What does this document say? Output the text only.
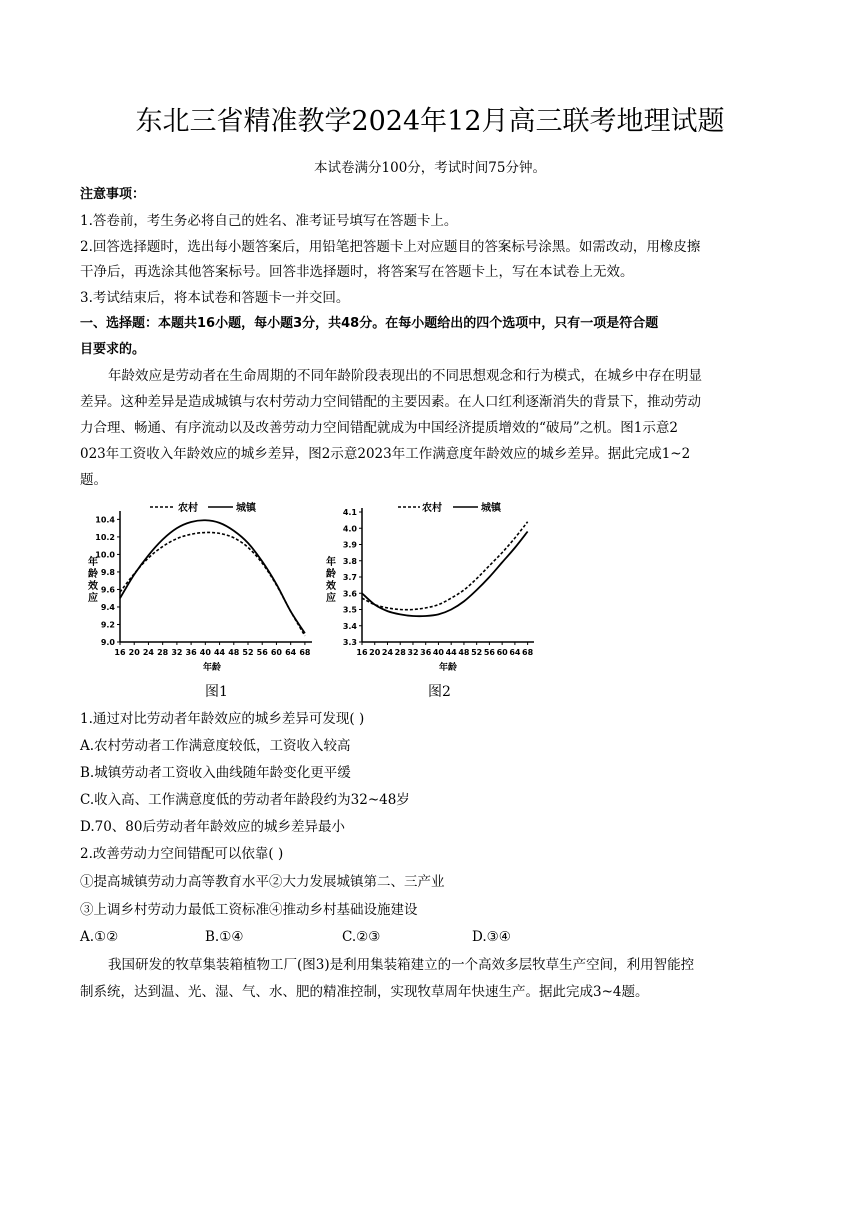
东北三省精准教学2024年12月高三联考地理试题
本试卷满分100分，考试时间75分钟。
注意事项：
1.答卷前，考生务必将自己的姓名、准考证号填写在答题卡上。
2.回答选择题时，选出每小题答案后，用铅笔把答题卡上对应题目的答案标号涂黑。如需改动，用橡皮擦
干净后，再选涂其他答案标号。回答非选择题时，将答案写在答题卡上，写在本试卷上无效。
3.考试结束后，将本试卷和答题卡一并交回。
一、选择题：本题共16小题，每小题3分，共48分。在每小题给出的四个选项中，只有一项是符合题
目要求的。
年龄效应是劳动者在生命周期的不同年龄阶段表现出的不同思想观念和行为模式，在城乡中存在明显
差异。这种差异是造成城镇与农村劳动力空间错配的主要因素。在人口红利逐渐消失的背景下，推动劳动
力合理、畅通、有序流动以及改善劳动力空间错配就成为中国经济提质增效的“破局”之机。图1示意2
023年工资收入年龄效应的城乡差异，图2示意2023年工作满意度年龄效应的城乡差异。据此完成1~2
题。
农村	城镇
年
龄
效
应
9.0
9.2
9.4
9.6
9.8
10.0
10.2
10.4
16 20 24 28 32 36 40 44 48 52 56 60 64 68
年龄
图1
农村	城镇
年
龄
效
应
3.3
3.4
3.5
3.6
3.7
3.8
3.9
4.0
4.1
16 20 24 28 32 36 40 44 48 52 56 60 64 68
年龄
图2
1.通过对比劳动者年龄效应的城乡差异可发现( )
A.农村劳动者工作满意度较低，工资收入较高
B.城镇劳动者工资收入曲线随年龄变化更平缓
C.收入高、工作满意度低的劳动者年龄段约为32~48岁
D.70、80后劳动者年龄效应的城乡差异最小
2.改善劳动力空间错配可以依靠( )
①提高城镇劳动力高等教育水平②大力发展城镇第二、三产业
③上调乡村劳动力最低工资标准④推动乡村基础设施建设
A.①②	B.①④	C.②③	D.③④
我国研发的牧草集装箱植物工厂(图3)是利用集装箱建立的一个高效多层牧草生产空间，利用智能控
制系统，达到温、光、湿、气、水、肥的精准控制，实现牧草周年快速生产。据此完成3~4题。
